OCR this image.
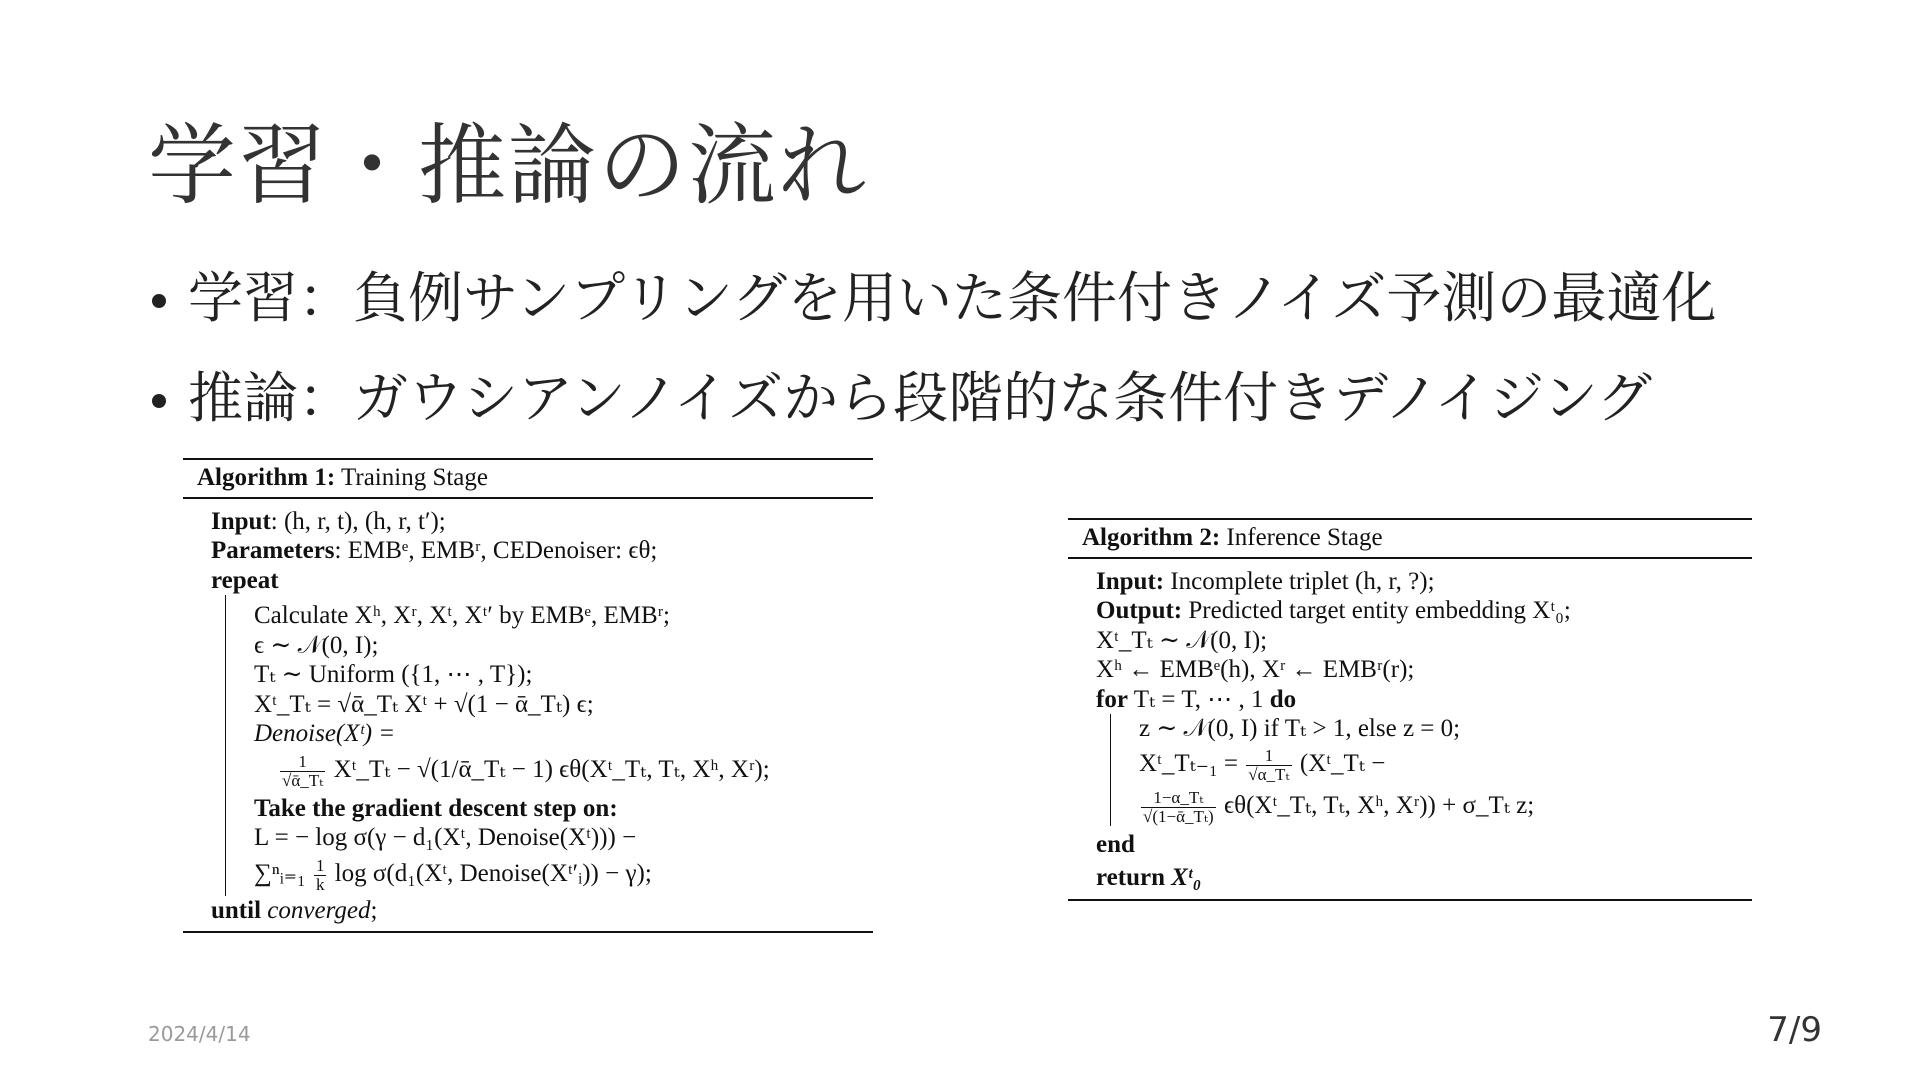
学習・推論の流れ
学習：負例サンプリングを用いた条件付きノイズ予測の最適化
推論：ガウシアンノイズから段階的な条件付きデノイジング
Algorithm 1: Training Stage
Input: (h, r, t), (h, r, t′);
Parameters: EMBᵉ, EMBʳ, CEDenoiser: ϵθ;
repeat
Calculate Xʰ, Xʳ, Xᵗ, Xᵗ′ by EMBᵉ, EMBʳ;
ϵ ∼ 𝒩(0, I);
Tₜ ∼ Uniform ({1, ⋯ , T});
Xᵗ_Tₜ = √ᾱ_Tₜ Xᵗ + √(1 − ᾱ_Tₜ) ϵ;
Denoise(Xᵗ) =
$\frac{1}{\text{√ᾱ\_Tₜ}}$ Xᵗ_Tₜ − √(1/ᾱ_Tₜ − 1) ϵθ(Xᵗ_Tₜ, Tₜ, Xʰ, Xʳ);
Take the gradient descent step on:
L = − log σ(γ − d₁(Xᵗ, Denoise(Xᵗ))) −
∑ⁿᵢ₌₁ $\frac{1}{k}$ log σ(d₁(Xᵗ, Denoise(Xᵗ′ᵢ)) − γ);
until converged;
Algorithm 2: Inference Stage
Input: Incomplete triplet (h, r, ?);
Output: Predicted target entity embedding Xᵗ₀;
Xᵗ_Tₜ ∼ 𝒩(0, I);
Xʰ ← EMBᵉ(h), Xʳ ← EMBʳ(r);
for Tₜ = T, ⋯ , 1 do
z ∼ 𝒩(0, I) if Tₜ > 1, else z = 0;
Xᵗ_Tₜ₋₁ = $\frac{1}{\text{√α\_Tₜ}}$ (Xᵗ_Tₜ −
$\frac{\text{1−α\_Tₜ}}{\text{√(1−ᾱ\_Tₜ)}}$ ϵθ(Xᵗ_Tₜ, Tₜ, Xʰ, Xʳ)) + σ_Tₜ z;
end
return Xᵗ₀
2024/4/14	7/9
